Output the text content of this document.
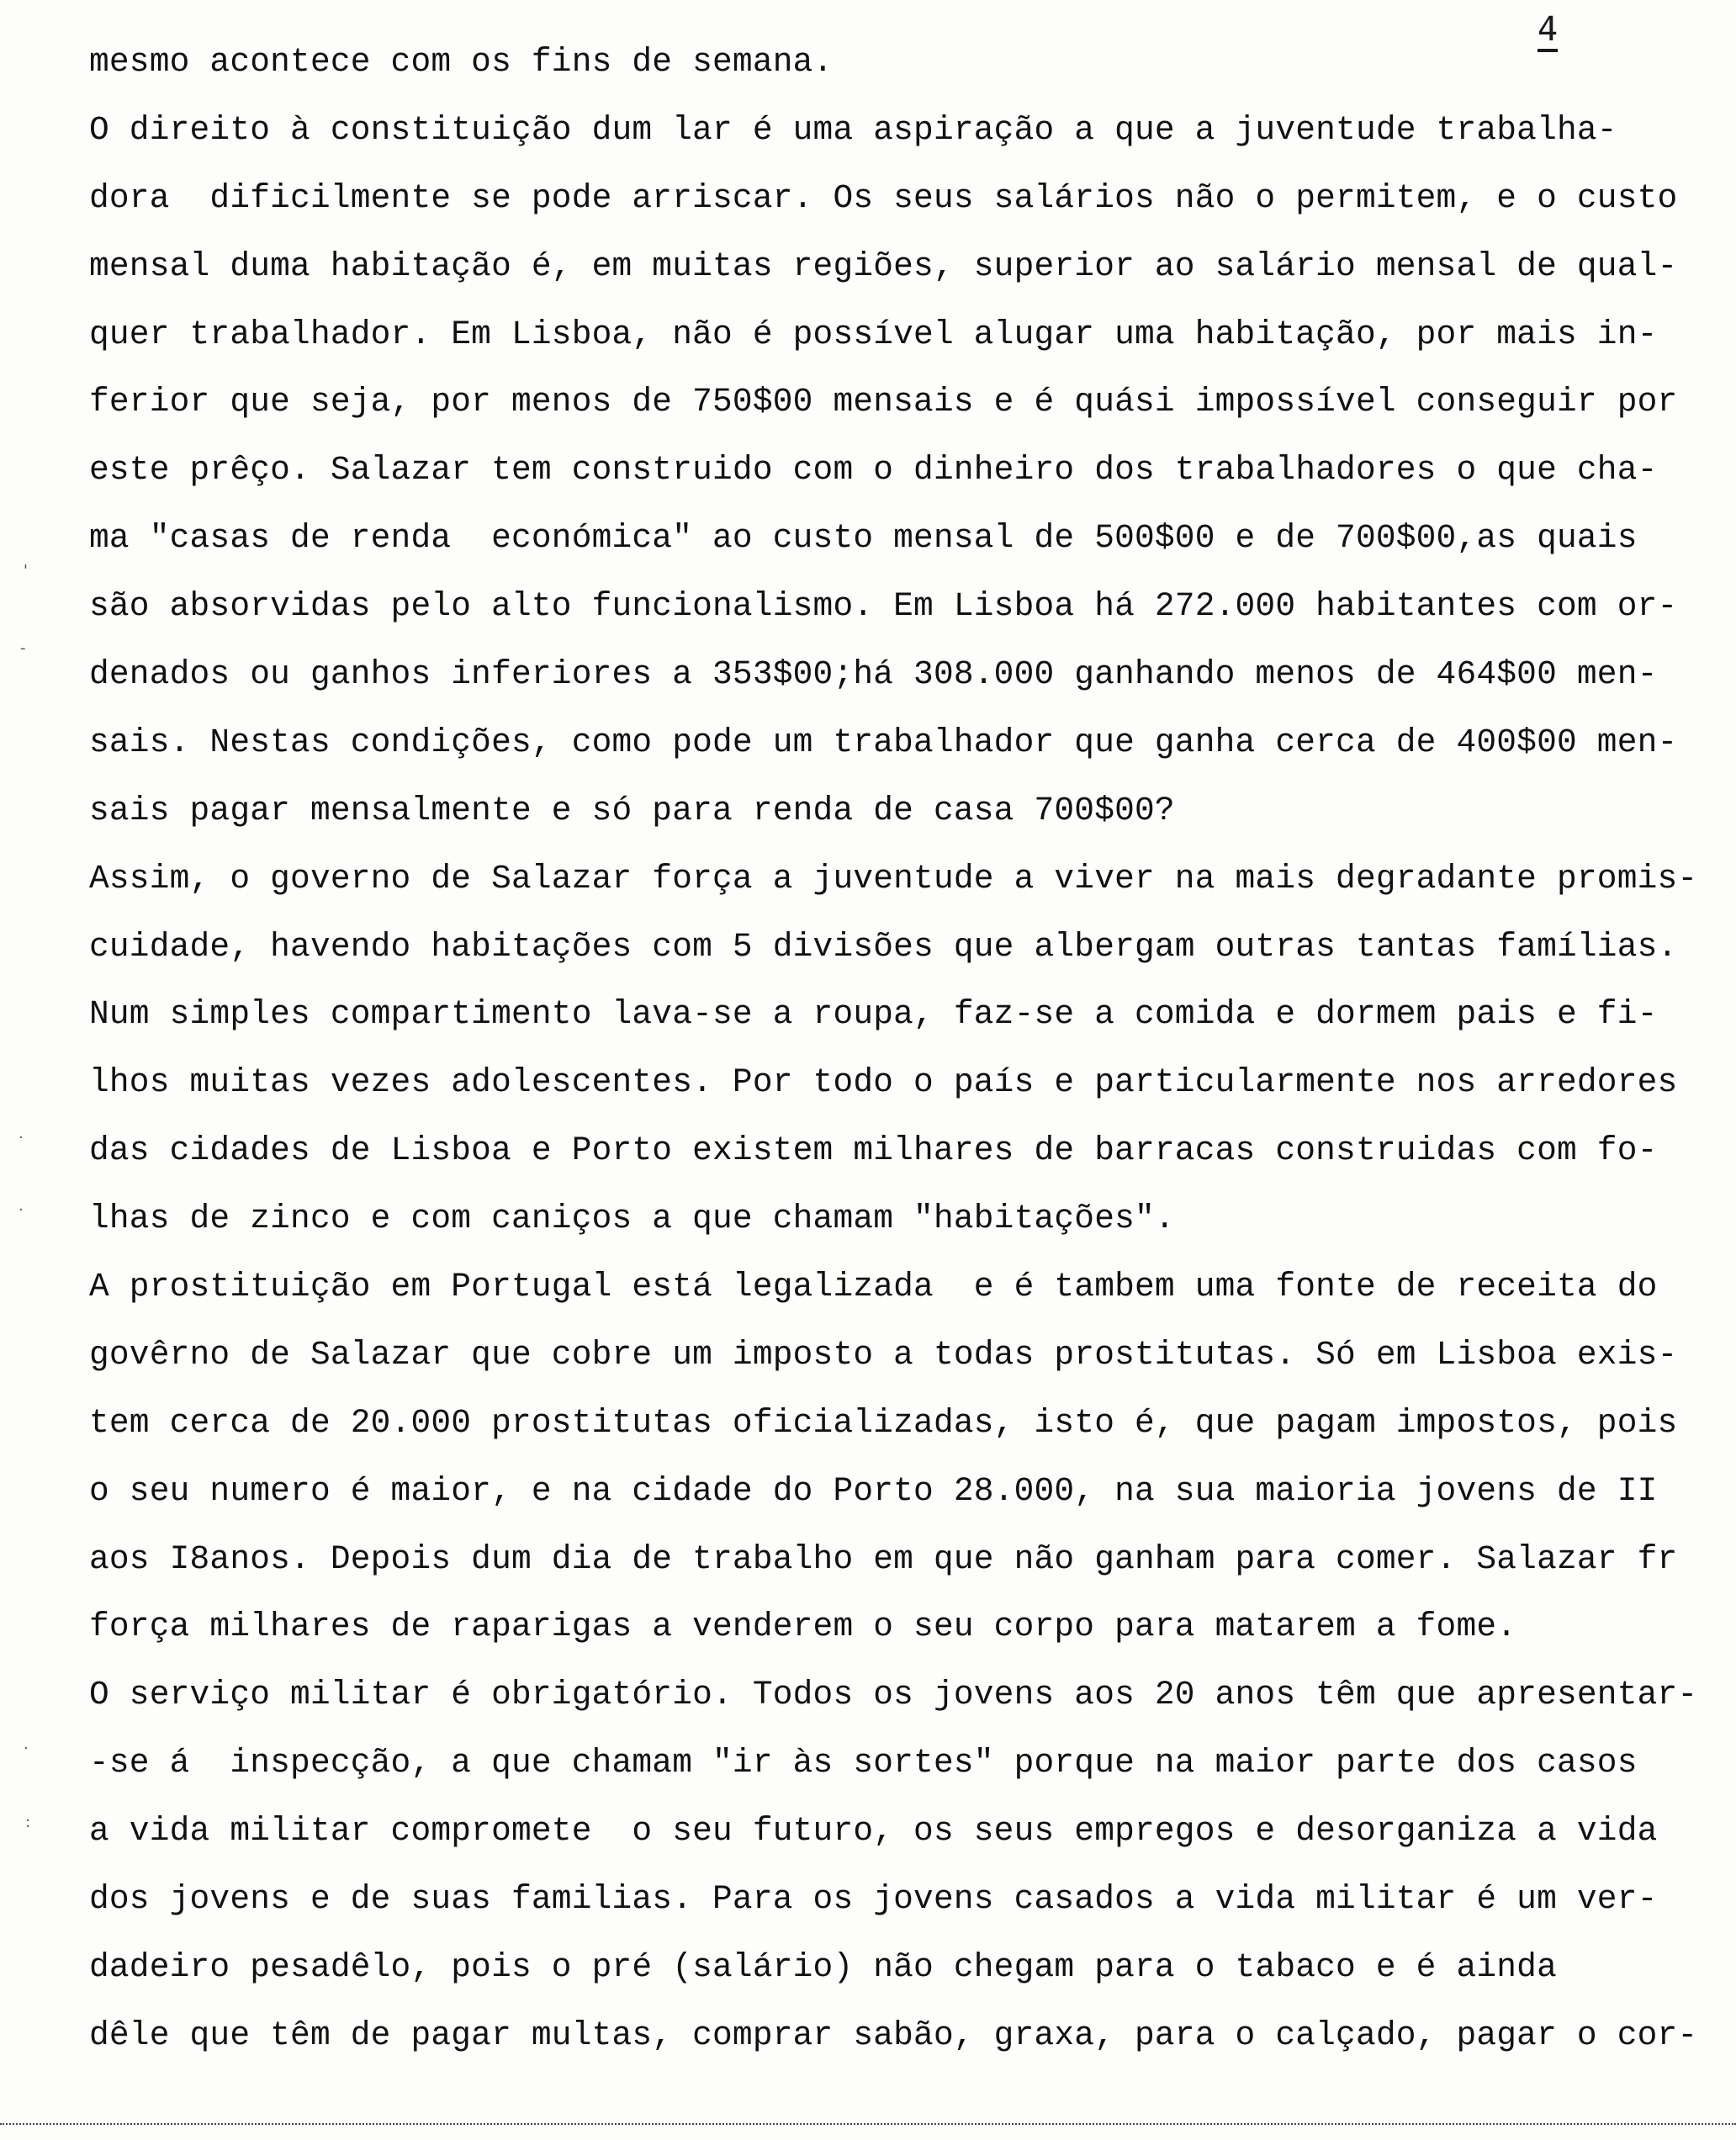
4
'
-
·
·
·
:
mesmo acontece com os fins de semana.
O direito à constituição dum lar é uma aspiração a que a juventude trabalha-
dora  dificilmente se pode arriscar. Os seus salários não o permitem, e o custo
mensal duma habitação é, em muitas regiões, superior ao salário mensal de qual-
quer trabalhador. Em Lisboa, não é possível alugar uma habitação, por mais in-
ferior que seja, por menos de 750$00 mensais e é quási impossível conseguir por
este prêço. Salazar tem construido com o dinheiro dos trabalhadores o que cha-
ma "casas de renda  económica" ao custo mensal de 500$00 e de 700$00,as quais
são absorvidas pelo alto funcionalismo. Em Lisboa há 272.000 habitantes com or-
denados ou ganhos inferiores a 353$00;há 308.000 ganhando menos de 464$00 men-
sais. Nestas condições, como pode um trabalhador que ganha cerca de 400$00 men-
sais pagar mensalmente e só para renda de casa 700$00?
Assim, o governo de Salazar força a juventude a viver na mais degradante promis-
cuidade, havendo habitações com 5 divisões que albergam outras tantas famílias.
Num simples compartimento lava-se a roupa, faz-se a comida e dormem pais e fi-
lhos muitas vezes adolescentes. Por todo o país e particularmente nos arredores
das cidades de Lisboa e Porto existem milhares de barracas construidas com fo-
lhas de zinco e com caniços a que chamam "habitações".
A prostituição em Portugal está legalizada  e é tambem uma fonte de receita do
govêrno de Salazar que cobre um imposto a todas prostitutas. Só em Lisboa exis-
tem cerca de 20.000 prostitutas oficializadas, isto é, que pagam impostos, pois
o seu numero é maior, e na cidade do Porto 28.000, na sua maioria jovens de II
aos I8anos. Depois dum dia de trabalho em que não ganham para comer. Salazar fr
força milhares de raparigas a venderem o seu corpo para matarem a fome.
O serviço militar é obrigatório. Todos os jovens aos 20 anos têm que apresentar-
-se á  inspecção, a que chamam "ir às sortes" porque na maior parte dos casos
a vida militar compromete  o seu futuro, os seus empregos e desorganiza a vida
dos jovens e de suas familias. Para os jovens casados a vida militar é um ver-
dadeiro pesadêlo, pois o pré (salário) não chegam para o tabaco e é ainda
dêle que têm de pagar multas, comprar sabão, graxa, para o calçado, pagar o cor-
